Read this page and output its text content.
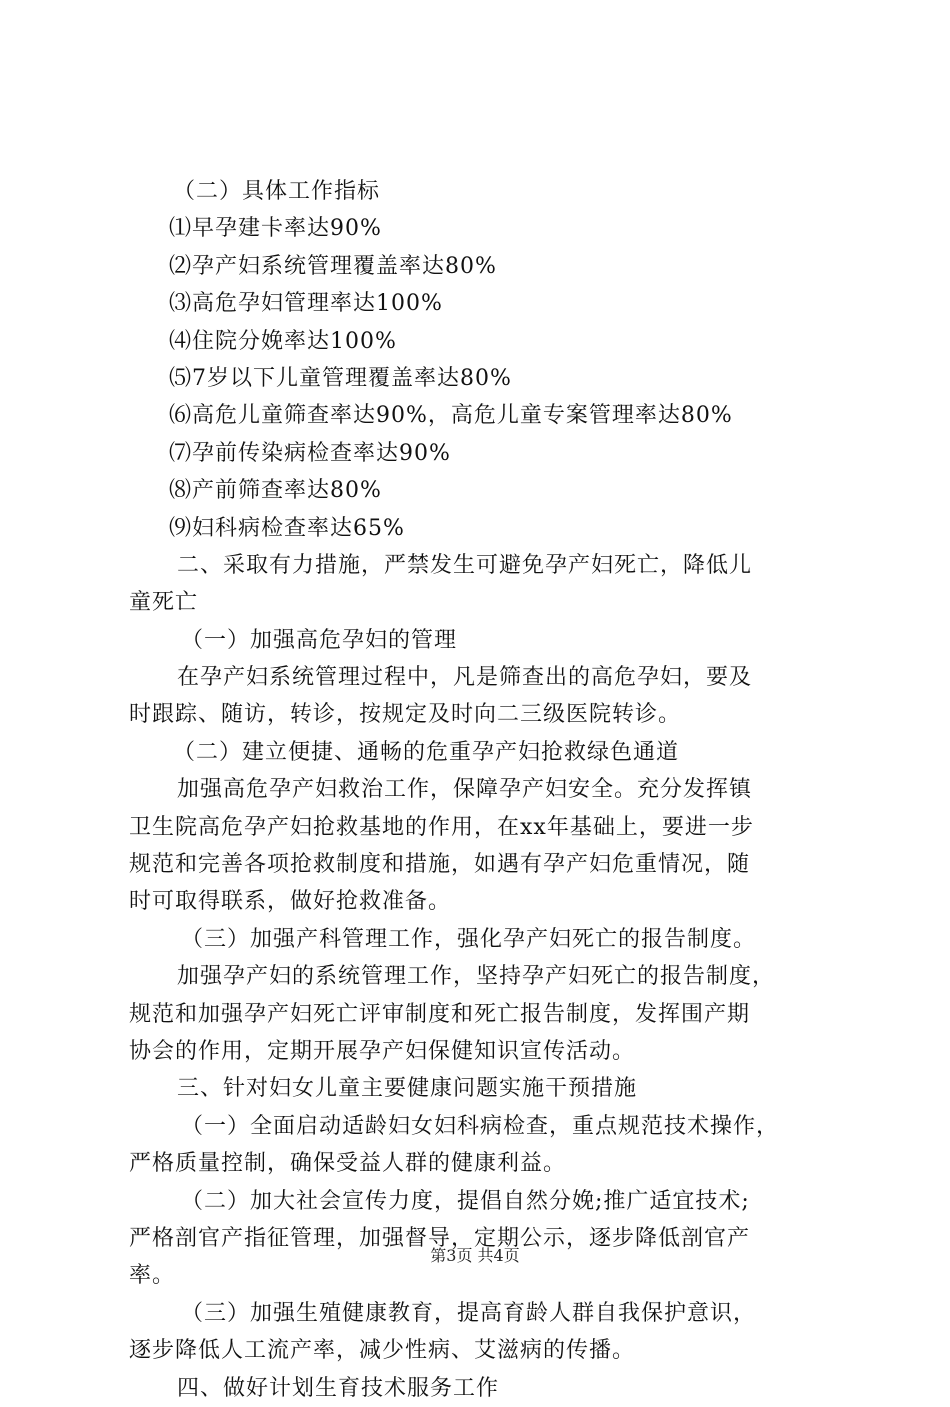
（二）具体工作指标
⑴早孕建卡率达90%
⑵孕产妇系统管理覆盖率达80%
⑶高危孕妇管理率达100%
⑷住院分娩率达100%
⑸7岁以下儿童管理覆盖率达80%
⑹高危儿童筛查率达90%，高危儿童专案管理率达80%
⑺孕前传染病检查率达90%
⑻产前筛查率达80%
⑼妇科病检查率达65%
二、采取有力措施，严禁发生可避免孕产妇死亡，降低儿
童死亡
（一）加强高危孕妇的管理
在孕产妇系统管理过程中，凡是筛查出的高危孕妇，要及
时跟踪、随访，转诊，按规定及时向二三级医院转诊。
（二）建立便捷、通畅的危重孕产妇抢救绿色通道
加强高危孕产妇救治工作，保障孕产妇安全。充分发挥镇
卫生院高危孕产妇抢救基地的作用，在xx年基础上，要进一步
规范和完善各项抢救制度和措施，如遇有孕产妇危重情况，随
时可取得联系，做好抢救准备。
（三）加强产科管理工作，强化孕产妇死亡的报告制度。
加强孕产妇的系统管理工作，坚持孕产妇死亡的报告制度，
规范和加强孕产妇死亡评审制度和死亡报告制度，发挥围产期
协会的作用，定期开展孕产妇保健知识宣传活动。
三、针对妇女儿童主要健康问题实施干预措施
（一）全面启动适龄妇女妇科病检查，重点规范技术操作，
严格质量控制，确保受益人群的健康利益。
（二）加大社会宣传力度，提倡自然分娩;推广适宜技术;
严格剖官产指征管理，加强督导，定期公示，逐步降低剖官产
率。
（三）加强生殖健康教育，提高育龄人群自我保护意识，
逐步降低人工流产率，减少性病、艾滋病的传播。
四、做好计划生育技术服务工作
第3页 共4页
